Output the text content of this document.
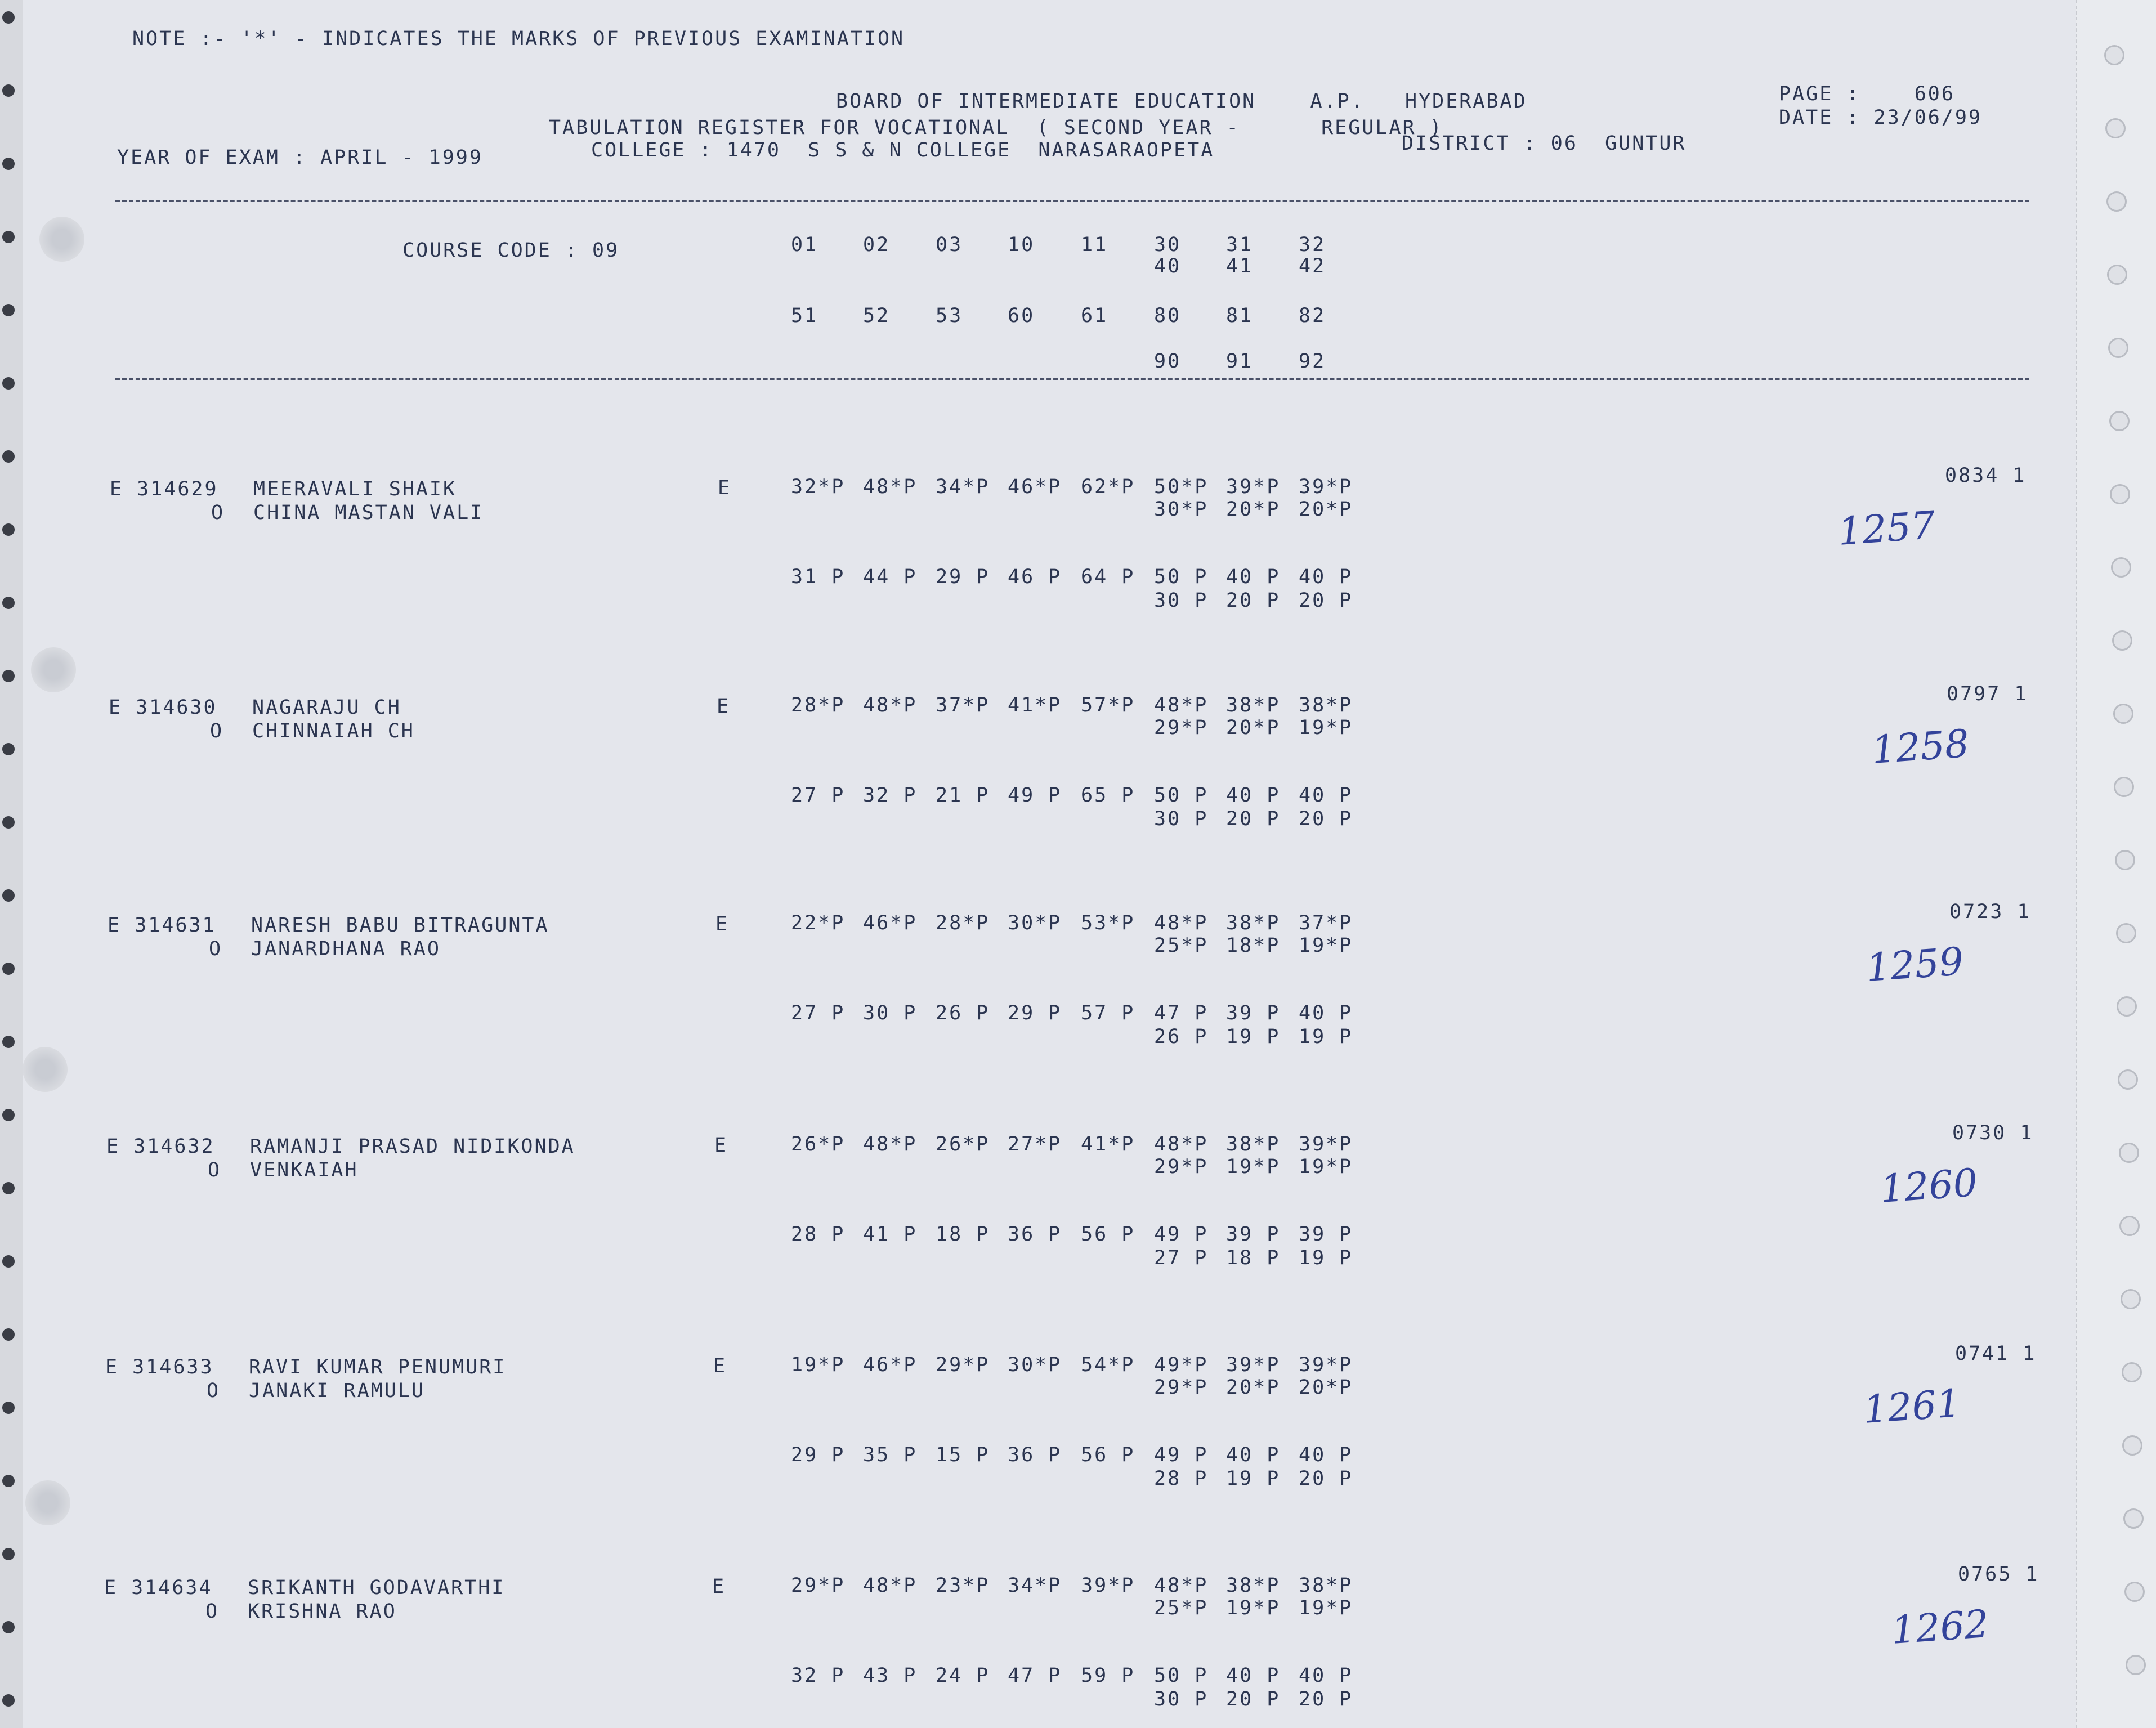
NOTE :- '*' - INDICATES THE MARKS OF PREVIOUS EXAMINATION
BOARD OF INTERMEDIATE EDUCATION    A.P.   HYDERABAD
TABULATION REGISTER FOR VOCATIONAL  ( SECOND YEAR -      REGULAR )
COLLEGE : 1470  S S & N COLLEGE  NARASARAOPETA	DISTRICT : 06  GUNTUR
YEAR OF EXAM : APRIL - 1999
PAGE :    606
DATE : 23/06/99
COURSE CODE : 09	01 02 03 10 11 30 31 32
40 41 42
51 52 53 60 61 80 81 82
90 91 92
E 314629 MEERAVALI SHAIK
O CHINA MASTAN VALI
E	32*P 48*P 34*P 46*P 62*P 50*P 39*P 39*P
30*P 20*P 20*P
31 P 44 P 29 P 46 P 64 P 50 P 40 P 40 P
30 P 20 P 20 P
0834 1
1257
E 314630 NAGARAJU CH
O CHINNAIAH CH
E	28*P 48*P 37*P 41*P 57*P 48*P 38*P 38*P
29*P 20*P 19*P
27 P 32 P 21 P 49 P 65 P 50 P 40 P 40 P
30 P 20 P 20 P
0797 1
1258
E 314631 NARESH BABU BITRAGUNTA
O JANARDHANA RAO
E	22*P 46*P 28*P 30*P 53*P 48*P 38*P 37*P
25*P 18*P 19*P
27 P 30 P 26 P 29 P 57 P 47 P 39 P 40 P
26 P 19 P 19 P
0723 1
1259
E 314632 RAMANJI PRASAD NIDIKONDA
O VENKAIAH
E	26*P 48*P 26*P 27*P 41*P 48*P 38*P 39*P
29*P 19*P 19*P
28 P 41 P 18 P 36 P 56 P 49 P 39 P 39 P
27 P 18 P 19 P
0730 1
1260
E 314633 RAVI KUMAR PENUMURI
O JANAKI RAMULU
E	19*P 46*P 29*P 30*P 54*P 49*P 39*P 39*P
29*P 20*P 20*P
29 P 35 P 15 P 36 P 56 P 49 P 40 P 40 P
28 P 19 P 20 P
0741 1
1261
E 314634 SRIKANTH GODAVARTHI
O KRISHNA RAO
E	29*P 48*P 23*P 34*P 39*P 48*P 38*P 38*P
25*P 19*P 19*P
32 P 43 P 24 P 47 P 59 P 50 P 40 P 40 P
30 P 20 P 20 P
0765 1
1262
